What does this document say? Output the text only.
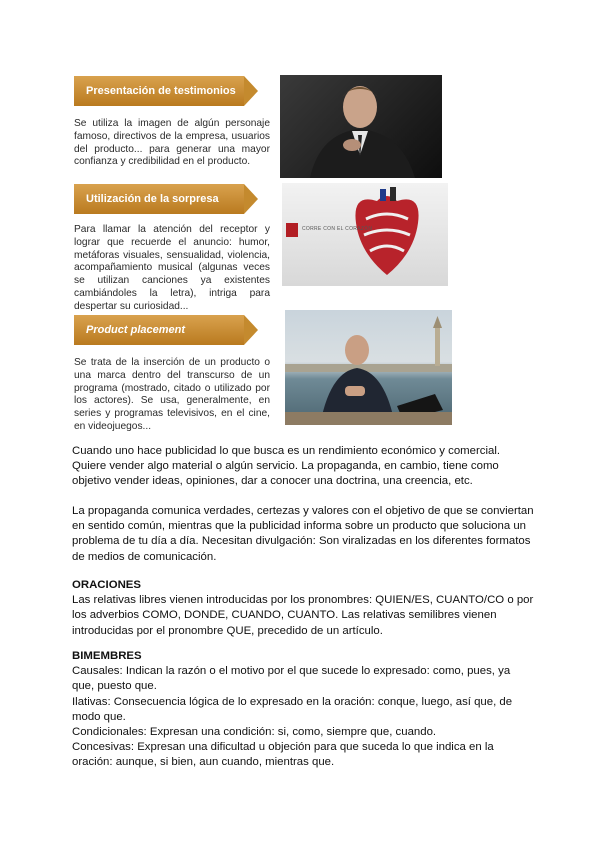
Presentación de testimonios
Se utiliza la imagen de algún personaje famoso, directivos de la empresa, usuarios del producto... para generar una mayor confianza y credibilidad en el producto.
Utilización de la sorpresa
Para llamar la atención del receptor y lograr que recuerde el anuncio: humor, metáforas visuales, sensualidad, violencia, acompañamiento musical (algunas veces se utilizan canciones ya existentes cambiándoles la letra), intriga para despertar su curiosidad...
CORRE CON EL CORAZÓN
Product placement
Se trata de la inserción de un producto o una marca dentro del transcurso de un programa (mostrado, citado o utilizado por los actores). Se usa, generalmente, en series y programas televisivos, en el cine, en videojuegos...

Cuando uno hace publicidad lo que busca es un rendimiento económico y comercial. Quiere vender algo material o algún servicio. La propaganda, en cambio, tiene como objetivo vender ideas, opiniones, dar a conocer una doctrina, una creencia, etc.

La propaganda comunica verdades, certezas y valores con el objetivo de que se conviertan en sentido común, mientras que la publicidad informa sobre un producto que soluciona un problema de tu día a día. Necesitan divulgación: Son viralizadas en los diferentes formatos de medios de comunicación.

ORACIONES

Las relativas libres vienen introducidas por los pronombres: QUIEN/ES, CUANTO/CO o por los adverbios COMO, DONDE, CUANDO, CUANTO. Las relativas semilibres vienen introducidas por el pronombre QUE, precedido de un artículo.

BIMEMBRES

Causales: Indican la razón o el motivo por el que sucede lo expresado: como, pues, ya que, puesto que.

Ilativas: Consecuencia lógica de lo expresado en la oración: conque, luego, así que, de modo que.

Condicionales: Expresan una condición: si, como, siempre que, cuando.

Concesivas: Expresan una dificultad u objeción para que suceda lo que indica en la oración: aunque, si bien, aun cuando, mientras que.
